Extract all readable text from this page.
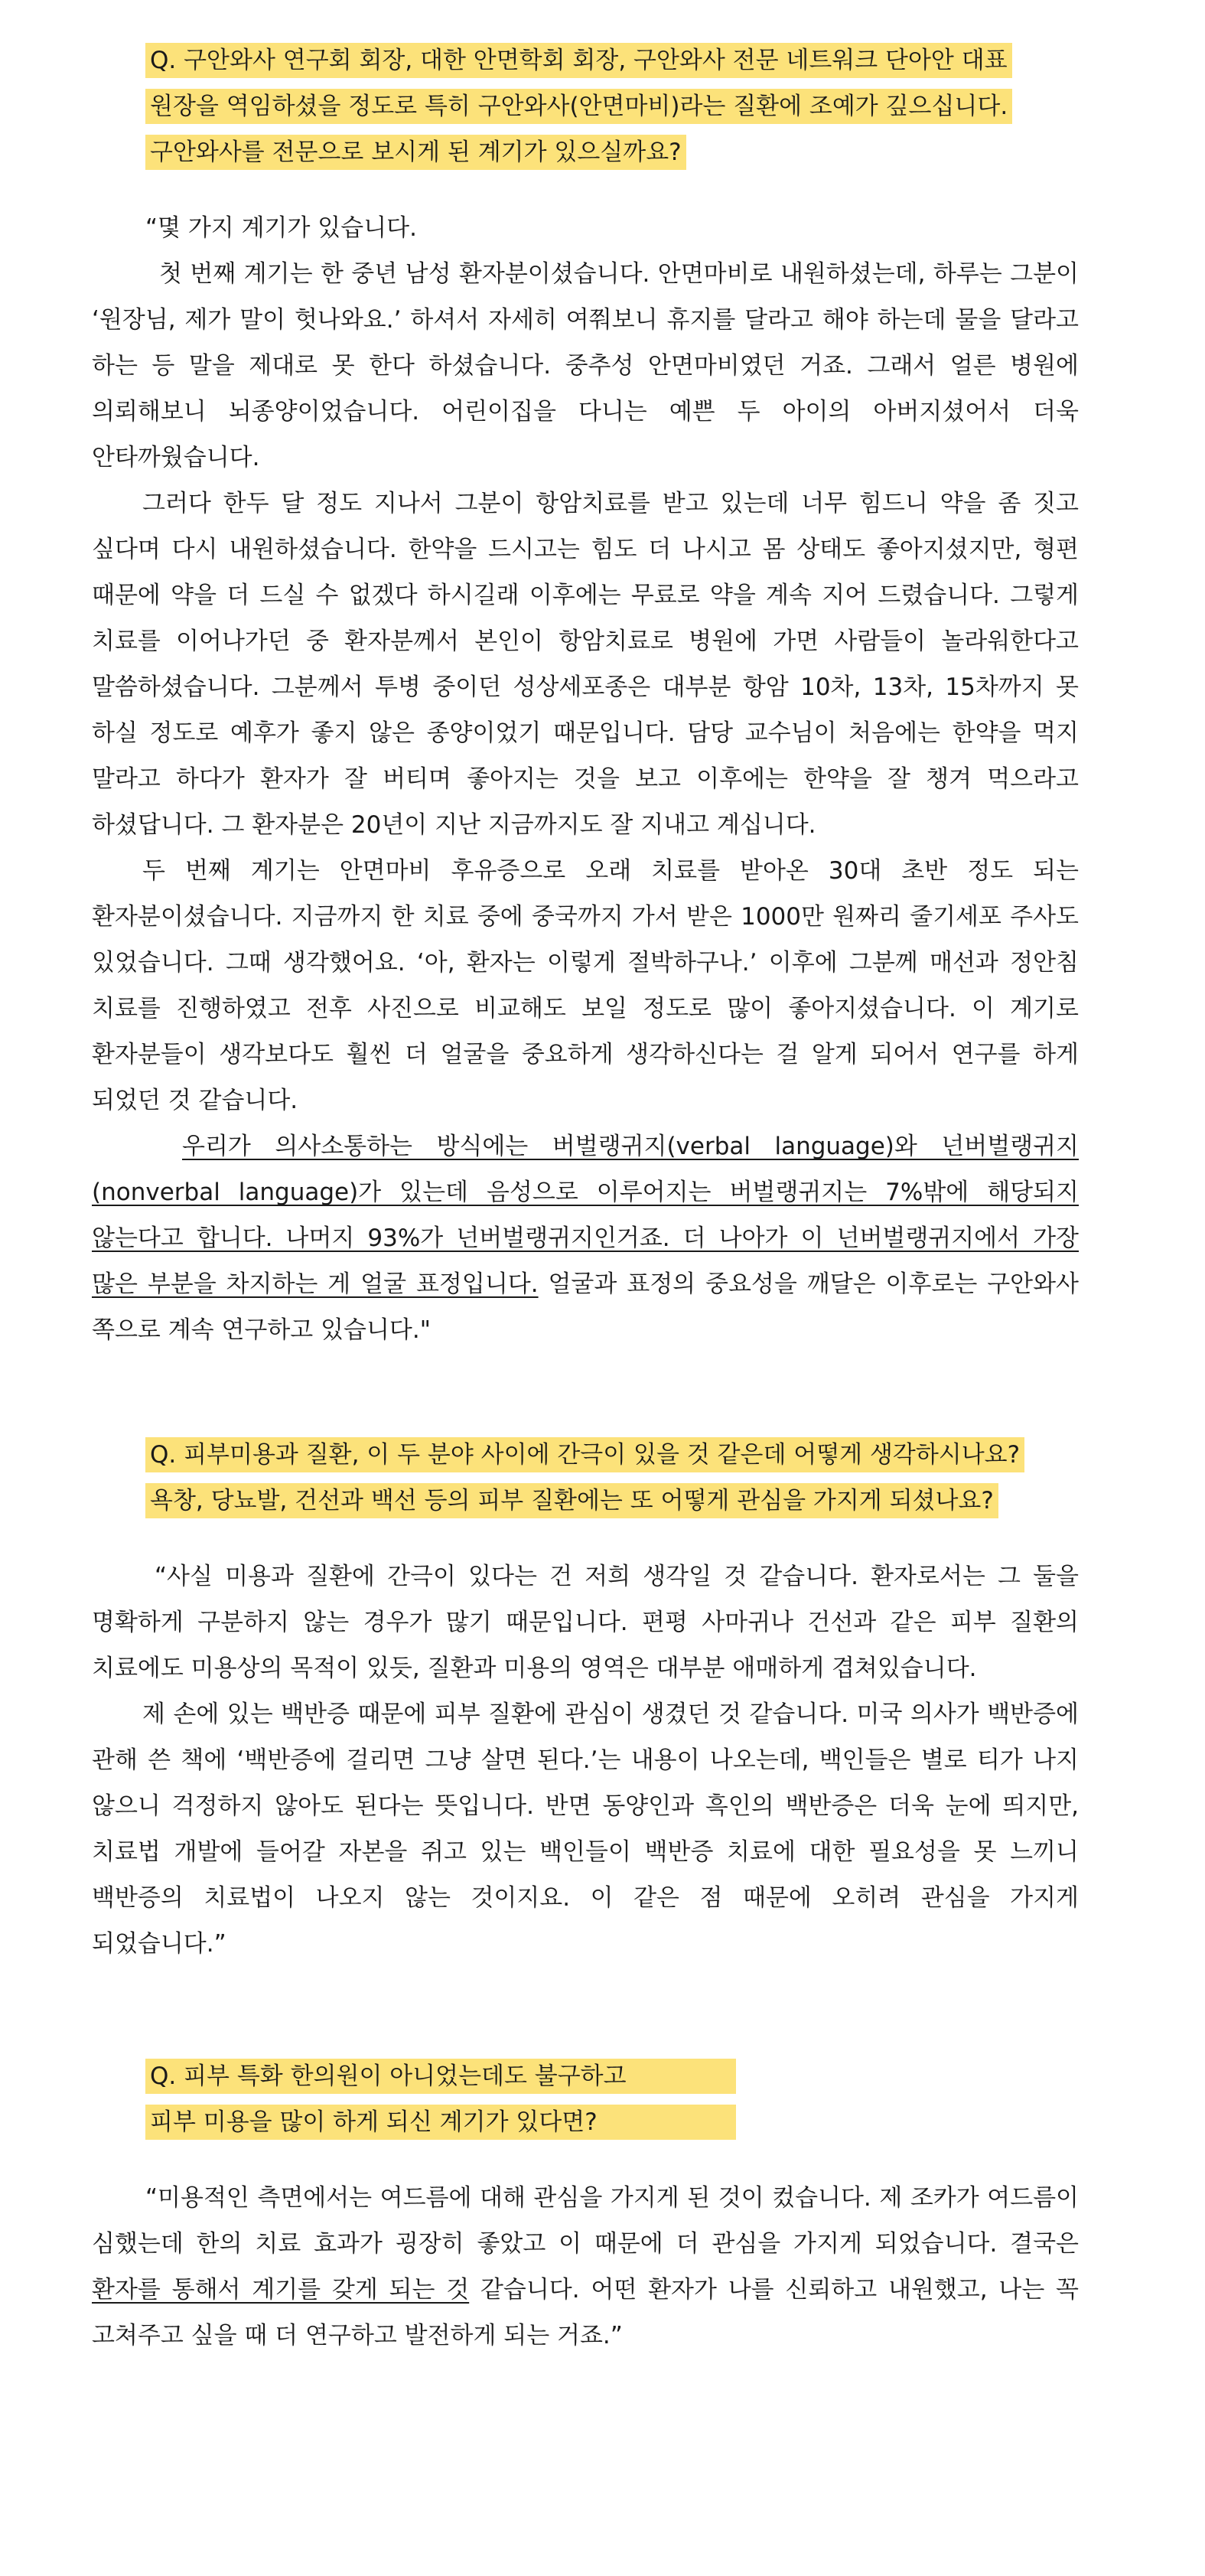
Q. 구안와사 연구회 회장, 대한 안면학회 회장, 구안와사 전문 네트워크 단아안 대표
원장을 역임하셨을 정도로 특히 구안와사(안면마비)라는 질환에 조예가 깊으십니다.
구안와사를 전문으로 보시게 된 계기가 있으실까요?

“몇 가지 계기가 있습니다.

첫 번째 계기는 한 중년 남성 환자분이셨습니다. 안면마비로 내원하셨는데, 하루는 그분이 ‘원장님, 제가 말이 헛나와요.’ 하셔서 자세히 여쭤보니 휴지를 달라고 해야 하는데 물을 달라고 하는 등 말을 제대로 못 한다 하셨습니다. 중추성 안면마비였던 거죠. 그래서 얼른 병원에 의뢰해보니 뇌종양이었습니다. 어린이집을 다니는 예쁜 두 아이의 아버지셨어서 더욱 안타까웠습니다.

그러다 한두 달 정도 지나서 그분이 항암치료를 받고 있는데 너무 힘드니 약을 좀 짓고 싶다며 다시 내원하셨습니다. 한약을 드시고는 힘도 더 나시고 몸 상태도 좋아지셨지만, 형편 때문에 약을 더 드실 수 없겠다 하시길래 이후에는 무료로 약을 계속 지어 드렸습니다. 그렇게 치료를 이어나가던 중 환자분께서 본인이 항암치료로 병원에 가면 사람들이 놀라워한다고 말씀하셨습니다. 그분께서 투병 중이던 성상세포종은 대부분 항암 10차, 13차, 15차까지 못 하실 정도로 예후가 좋지 않은 종양이었기 때문입니다. 담당 교수님이 처음에는 한약을 먹지 말라고 하다가 환자가 잘 버티며 좋아지는 것을 보고 이후에는 한약을 잘 챙겨 먹으라고 하셨답니다. 그 환자분은 20년이 지난 지금까지도 잘 지내고 계십니다.

두 번째 계기는 안면마비 후유증으로 오래 치료를 받아온 30대 초반 정도 되는 환자분이셨습니다. 지금까지 한 치료 중에 중국까지 가서 받은 1000만 원짜리 줄기세포 주사도 있었습니다. 그때 생각했어요. ‘아, 환자는 이렇게 절박하구나.’ 이후에 그분께 매선과 정안침 치료를 진행하였고 전후 사진으로 비교해도 보일 정도로 많이 좋아지셨습니다. 이 계기로 환자분들이 생각보다도 훨씬 더 얼굴을 중요하게 생각하신다는 걸 알게 되어서 연구를 하게 되었던 것 같습니다.

우리가 의사소통하는 방식에는 버벌랭귀지(verbal language)와 넌버벌랭귀지(nonverbal language)가 있는데 음성으로 이루어지는 버벌랭귀지는 7%밖에 해당되지 않는다고 합니다. 나머지 93%가 넌버벌랭귀지인거죠. 더 나아가 이 넌버벌랭귀지에서 가장 많은 부분을 차지하는 게 얼굴 표정입니다. 얼굴과 표정의 중요성을 깨달은 이후로는 구안와사 쪽으로 계속 연구하고 있습니다."

Q. 피부미용과 질환, 이 두 분야 사이에 간극이 있을 것 같은데 어떻게 생각하시나요?
욕창, 당뇨발, 건선과 백선 등의 피부 질환에는 또 어떻게 관심을 가지게 되셨나요?

“사실 미용과 질환에 간극이 있다는 건 저희 생각일 것 같습니다. 환자로서는 그 둘을 명확하게 구분하지 않는 경우가 많기 때문입니다. 편평 사마귀나 건선과 같은 피부 질환의 치료에도 미용상의 목적이 있듯, 질환과 미용의 영역은 대부분 애매하게 겹쳐있습니다.

제 손에 있는 백반증 때문에 피부 질환에 관심이 생겼던 것 같습니다. 미국 의사가 백반증에 관해 쓴 책에 ‘백반증에 걸리면 그냥 살면 된다.’는 내용이 나오는데, 백인들은 별로 티가 나지 않으니 걱정하지 않아도 된다는 뜻입니다. 반면 동양인과 흑인의 백반증은 더욱 눈에 띄지만, 치료법 개발에 들어갈 자본을 쥐고 있는 백인들이 백반증 치료에 대한 필요성을 못 느끼니 백반증의 치료법이 나오지 않는 것이지요. 이 같은 점 때문에 오히려 관심을 가지게 되었습니다.”

Q. 피부 특화 한의원이 아니었는데도 불구하고
피부 미용을 많이 하게 되신 계기가 있다면?

“미용적인 측면에서는 여드름에 대해 관심을 가지게 된 것이 컸습니다. 제 조카가 여드름이 심했는데 한의 치료 효과가 굉장히 좋았고 이 때문에 더 관심을 가지게 되었습니다. 결국은 환자를 통해서 계기를 갖게 되는 것 같습니다. 어떤 환자가 나를 신뢰하고 내원했고, 나는 꼭 고쳐주고 싶을 때 더 연구하고 발전하게 되는 거죠.”
